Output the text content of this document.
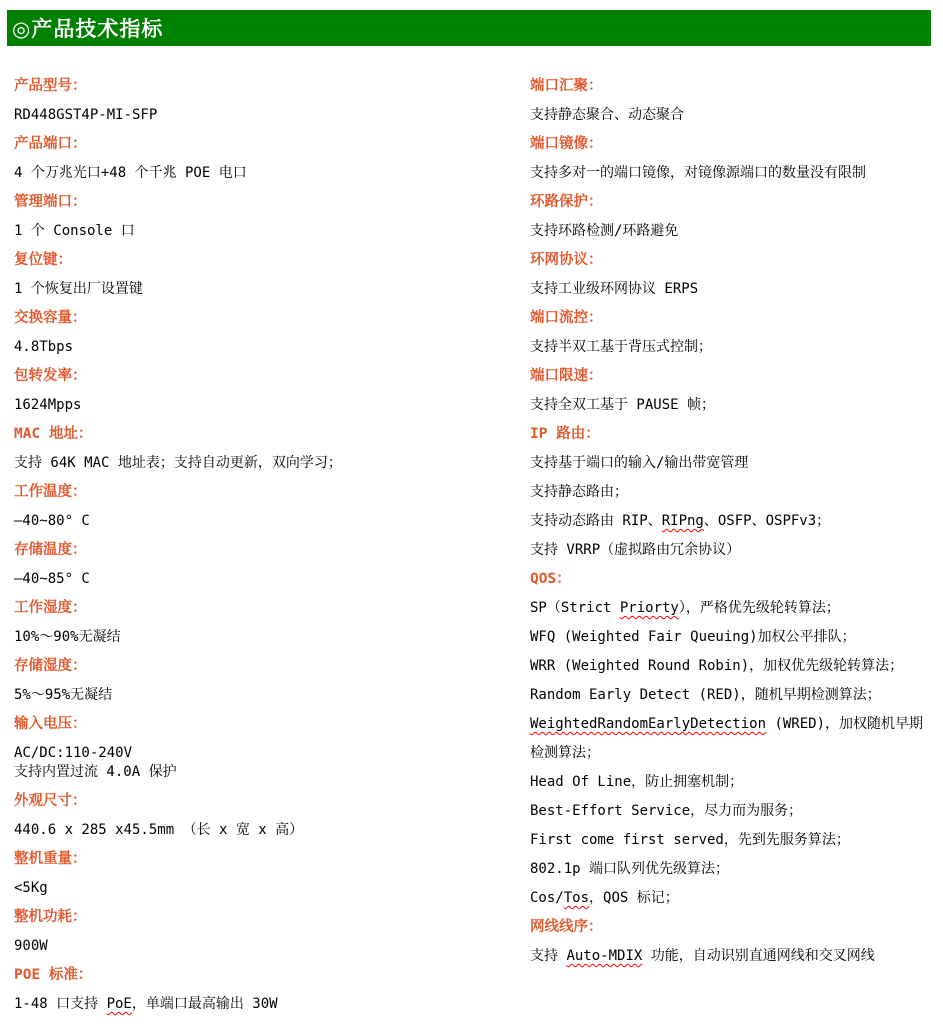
◎产品技术指标

产品型号：

RD448GST4P-MI-SFP

产品端口：

4 个万兆光口+48 个千兆 POE 电口

管理端口：

1 个 Console 口

复位键：

1 个恢复出厂设置键

交换容量：

4.8Tbps

包转发率：

1624Mpps

MAC 地址：

支持 64K MAC 地址表；支持自动更新，双向学习；

工作温度：

—40~80° C

存储温度：

—40~85° C

工作湿度：

10%～90%无凝结

存储湿度：

5%～95%无凝结

输入电压：

AC/DC:110-240V
支持内置过流 4.0A 保护

外观尺寸：

440.6 x 285 x45.5mm （长 x 宽 x 高）

整机重量：

<5Kg

整机功耗：

900W

POE 标准：

1-48 口支持 PoE，单端口最高输出 30W

端口汇聚：

支持静态聚合、动态聚合

端口镜像：

支持多对一的端口镜像，对镜像源端口的数量没有限制

环路保护：

支持环路检测/环路避免

环网协议：

支持工业级环网协议 ERPS

端口流控：

支持半双工基于背压式控制；

端口限速：

支持全双工基于 PAUSE 帧；

IP 路由：

支持基于端口的输入/输出带宽管理

支持静态路由；

支持动态路由 RIP、RIPng、OSFP、OSPFv3；

支持 VRRP（虚拟路由冗余协议）

QOS：

SP（Strict Priorty），严格优先级轮转算法；

WFQ (Weighted Fair Queuing)加权公平排队；

WRR (Weighted Round Robin)，加权优先级轮转算法；

Random Early Detect (RED)，随机早期检测算法；

WeightedRandomEarlyDetection (WRED)，加权随机早期

检测算法；

Head Of Line，防止拥塞机制；

Best-Effort Service，尽力而为服务；

First come first served，先到先服务算法；

802.1p 端口队列优先级算法；

Cos/Tos，QOS 标记；

网线线序：

支持 Auto-MDIX 功能，自动识别直通网线和交叉网线
